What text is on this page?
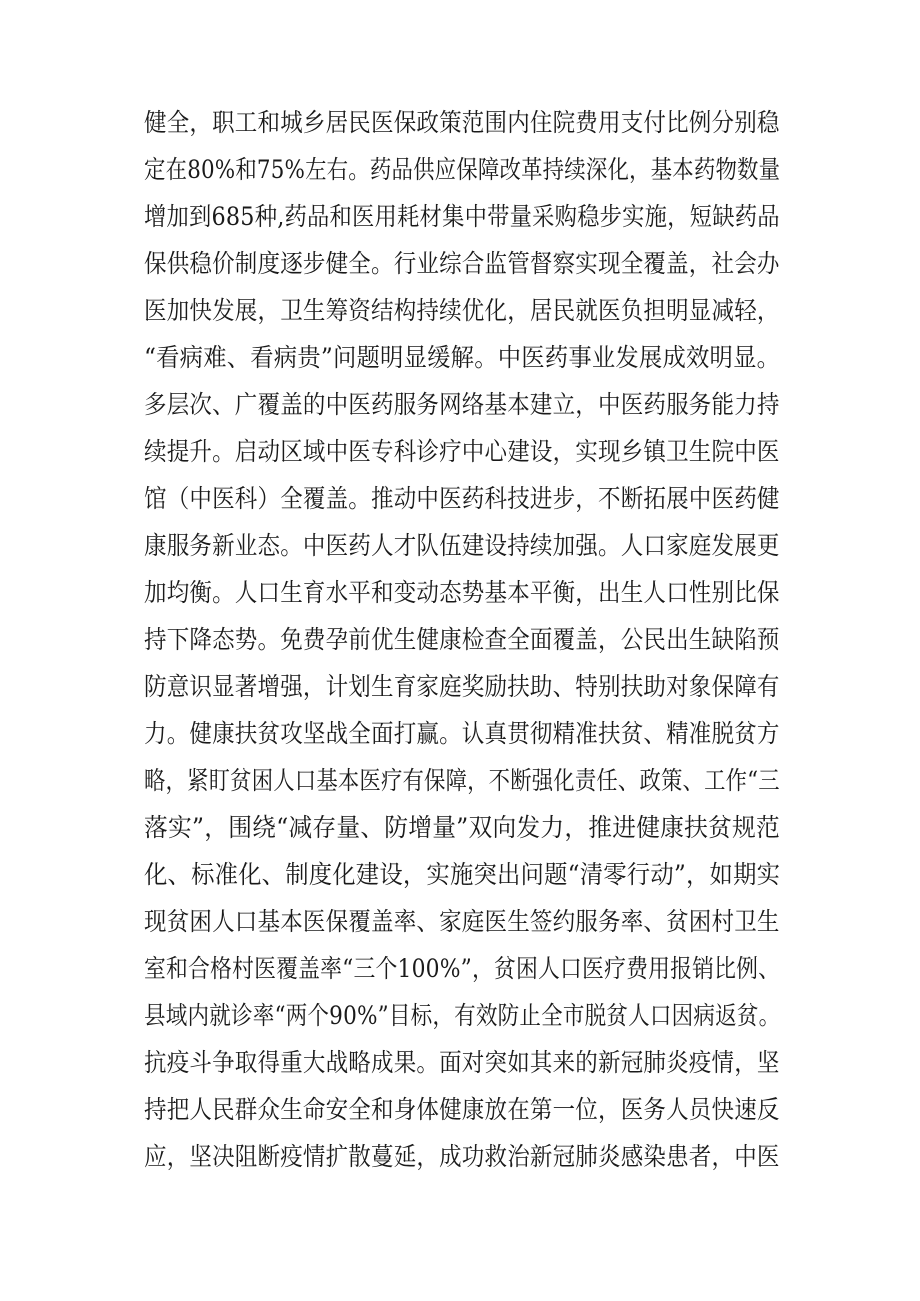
健全，职工和城乡居民医保政策范围内住院费用支付比例分别稳
定在80%和75%左右。药品供应保障改革持续深化，基本药物数量
增加到685种,药品和医用耗材集中带量采购稳步实施，短缺药品
保供稳价制度逐步健全。行业综合监管督察实现全覆盖，社会办
医加快发展，卫生筹资结构持续优化，居民就医负担明显减轻，
“看病难、看病贵”问题明显缓解。中医药事业发展成效明显。
多层次、广覆盖的中医药服务网络基本建立，中医药服务能力持
续提升。启动区域中医专科诊疗中心建设，实现乡镇卫生院中医
馆（中医科）全覆盖。推动中医药科技进步，不断拓展中医药健
康服务新业态。中医药人才队伍建设持续加强。人口家庭发展更
加均衡。人口生育水平和变动态势基本平衡，出生人口性别比保
持下降态势。免费孕前优生健康检查全面覆盖，公民出生缺陷预
防意识显著增强，计划生育家庭奖励扶助、特别扶助对象保障有
力。健康扶贫攻坚战全面打赢。认真贯彻精准扶贫、精准脱贫方
略，紧盯贫困人口基本医疗有保障，不断强化责任、政策、工作“三
落实”，围绕“减存量、防增量”双向发力，推进健康扶贫规范
化、标准化、制度化建设，实施突出问题“清零行动”，如期实
现贫困人口基本医保覆盖率、家庭医生签约服务率、贫困村卫生
室和合格村医覆盖率“三个100%”，贫困人口医疗费用报销比例、
县域内就诊率“两个90%”目标，有效防止全市脱贫人口因病返贫。
抗疫斗争取得重大战略成果。面对突如其来的新冠肺炎疫情，坚
持把人民群众生命安全和身体健康放在第一位，医务人员快速反
应，坚决阻断疫情扩散蔓延，成功救治新冠肺炎感染患者，中医
